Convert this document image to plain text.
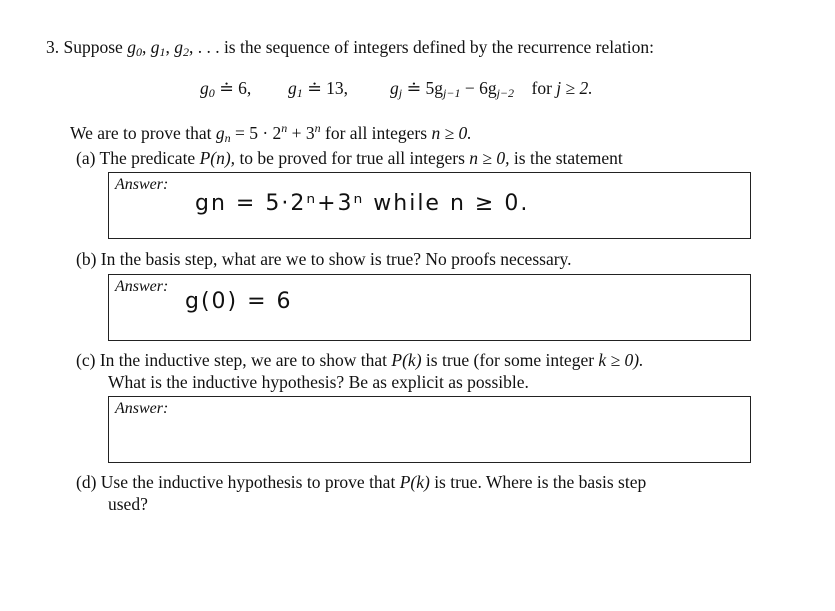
3. Suppose $g_0$, $g_1$, $g_2$, . . . is the sequence of integers defined by the recurrence relation:
$g_0$ ≐ 6, $g_1$ ≐ 13, $g_j$ ≐ $5g_{j-1} - 6g_{j-2}$ for j ≥ 2.
We are to prove that $g_n = 5 \cdot 2^n + 3^n$ for all integers n ≥ 0.
(a) The predicate P(n), to be proved for true all integers n ≥ 0, is the statement
Answer:
gn = 5·2ⁿ+3ⁿ while n ≥ 0.
(b) In the basis step, what are we to show is true? No proofs necessary.
Answer:
g(0) = 6
(c) In the inductive step, we are to show that P(k) is true (for some integer k ≥ 0).
What is the inductive hypothesis? Be as explicit as possible.
Answer:
(d) Use the inductive hypothesis to prove that P(k) is true. Where is the basis step
used?
